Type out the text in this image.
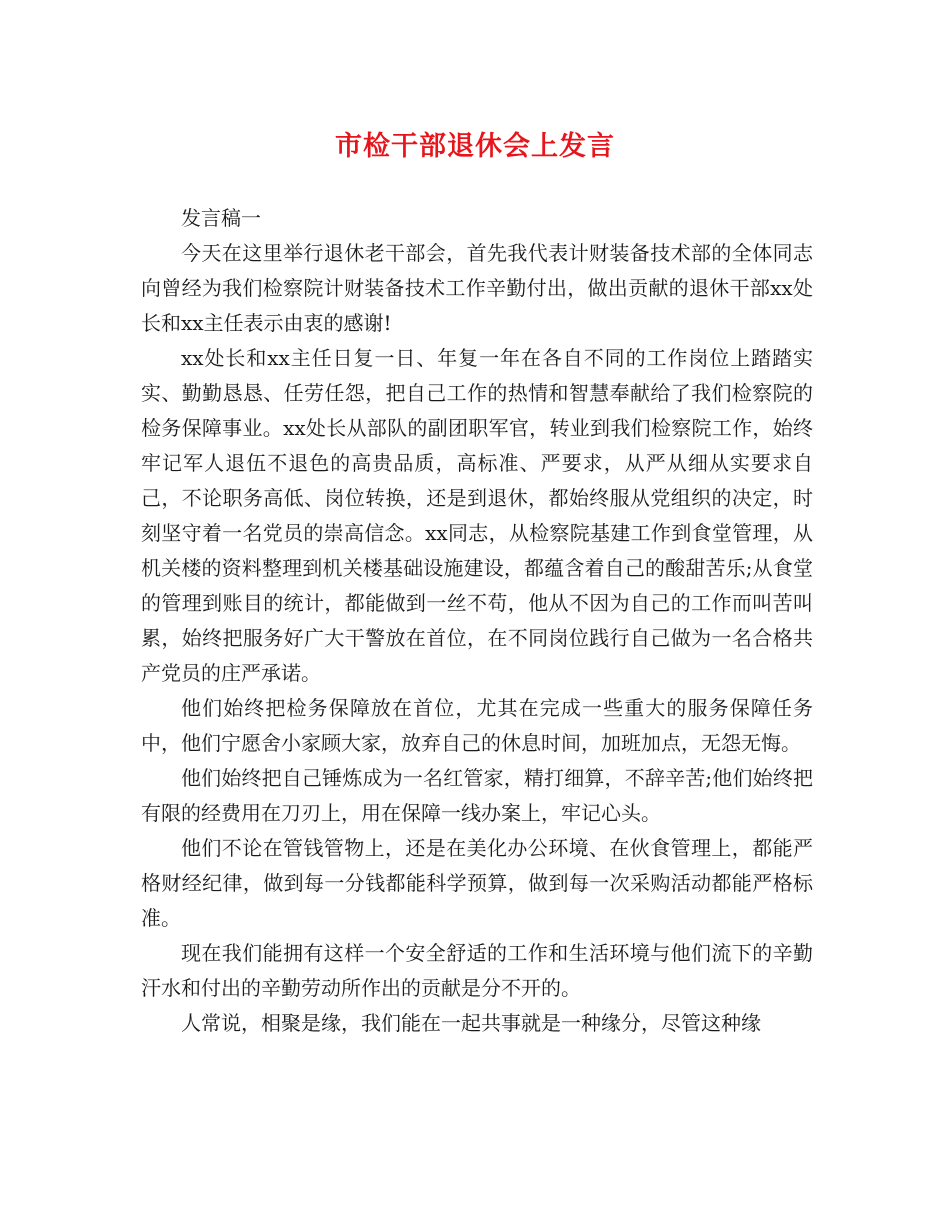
市检干部退休会上发言

发言稿一

今天在这里举行退休老干部会，首先我代表计财装备技术部的全体同志向曾经为我们检察院计财装备技术工作辛勤付出，做出贡献的退休干部xx处长和xx主任表示由衷的感谢!

xx处长和xx主任日复一日、年复一年在各自不同的工作岗位上踏踏实实、勤勤恳恳、任劳任怨，把自己工作的热情和智慧奉献给了我们检察院的检务保障事业。xx处长从部队的副团职军官，转业到我们检察院工作，始终牢记军人退伍不退色的高贵品质，高标准、严要求，从严从细从实要求自己，不论职务高低、岗位转换，还是到退休，都始终服从党组织的决定，时刻坚守着一名党员的崇高信念。xx同志，从检察院基建工作到食堂管理，从机关楼的资料整理到机关楼基础设施建设，都蕴含着自己的酸甜苦乐;从食堂的管理到账目的统计，都能做到一丝不苟，他从不因为自己的工作而叫苦叫累，始终把服务好广大干警放在首位，在不同岗位践行自己做为一名合格共产党员的庄严承诺。

他们始终把检务保障放在首位，尤其在完成一些重大的服务保障任务中，他们宁愿舍小家顾大家，放弃自己的休息时间，加班加点，无怨无悔。

他们始终把自己锤炼成为一名红管家，精打细算，不辞辛苦;他们始终把有限的经费用在刀刃上，用在保障一线办案上，牢记心头。

他们不论在管钱管物上，还是在美化办公环境、在伙食管理上，都能严格财经纪律，做到每一分钱都能科学预算，做到每一次采购活动都能严格标准。

现在我们能拥有这样一个安全舒适的工作和生活环境与他们流下的辛勤汗水和付出的辛勤劳动所作出的贡献是分不开的。

人常说，相聚是缘，我们能在一起共事就是一种缘分，尽管这种缘
